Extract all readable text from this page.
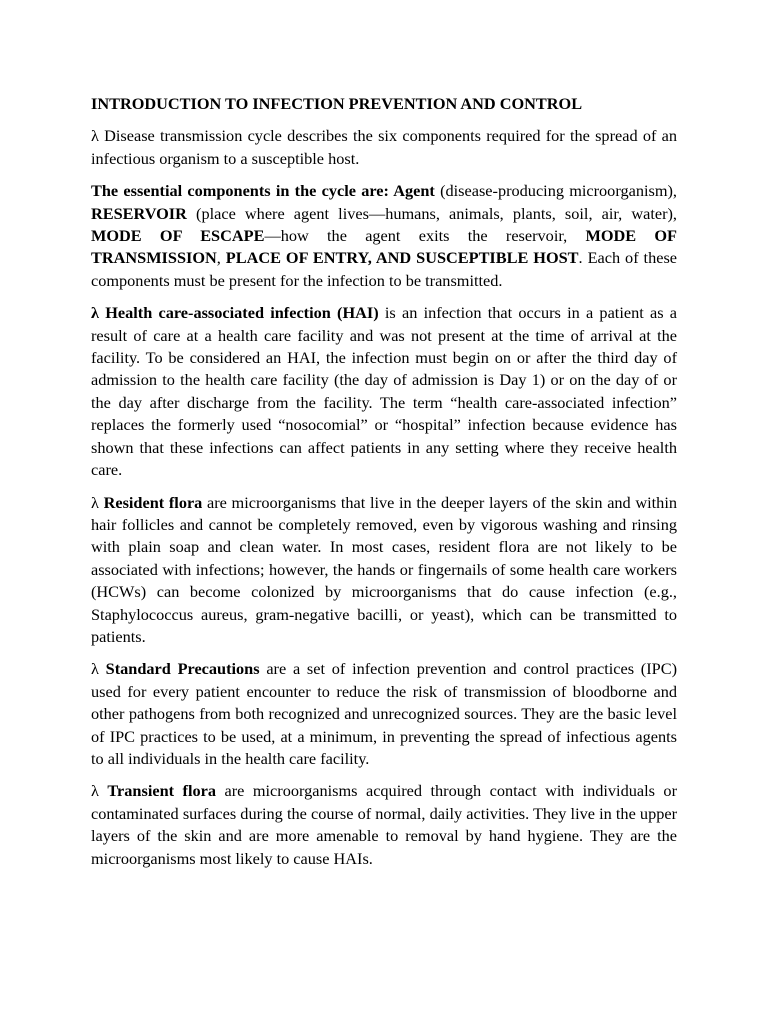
INTRODUCTION TO INFECTION PREVENTION AND CONTROL

λ Disease transmission cycle describes the six components required for the spread of an infectious organism to a susceptible host.

The essential components in the cycle are: Agent (disease-producing microorganism), RESERVOIR (place where agent lives—humans, animals, plants, soil, air, water), MODE OF ESCAPE—how the agent exits the reservoir, MODE OF TRANSMISSION, PLACE OF ENTRY, AND SUSCEPTIBLE HOST. Each of these components must be present for the infection to be transmitted.

λ Health care-associated infection (HAI) is an infection that occurs in a patient as a result of care at a health care facility and was not present at the time of arrival at the facility. To be considered an HAI, the infection must begin on or after the third day of admission to the health care facility (the day of admission is Day 1) or on the day of or the day after discharge from the facility. The term “health care-associated infection” replaces the formerly used “nosocomial” or “hospital” infection because evidence has shown that these infections can affect patients in any setting where they receive health care.

λ Resident flora are microorganisms that live in the deeper layers of the skin and within hair follicles and cannot be completely removed, even by vigorous washing and rinsing with plain soap and clean water. In most cases, resident flora are not likely to be associated with infections; however, the hands or fingernails of some health care workers (HCWs) can become colonized by microorganisms that do cause infection (e.g., Staphylococcus aureus, gram-negative bacilli, or yeast), which can be transmitted to patients.

λ Standard Precautions are a set of infection prevention and control practices (IPC) used for every patient encounter to reduce the risk of transmission of bloodborne and other pathogens from both recognized and unrecognized sources. They are the basic level of IPC practices to be used, at a minimum, in preventing the spread of infectious agents to all individuals in the health care facility.

λ Transient flora are microorganisms acquired through contact with individuals or contaminated surfaces during the course of normal, daily activities. They live in the upper layers of the skin and are more amenable to removal by hand hygiene. They are the microorganisms most likely to cause HAIs.
